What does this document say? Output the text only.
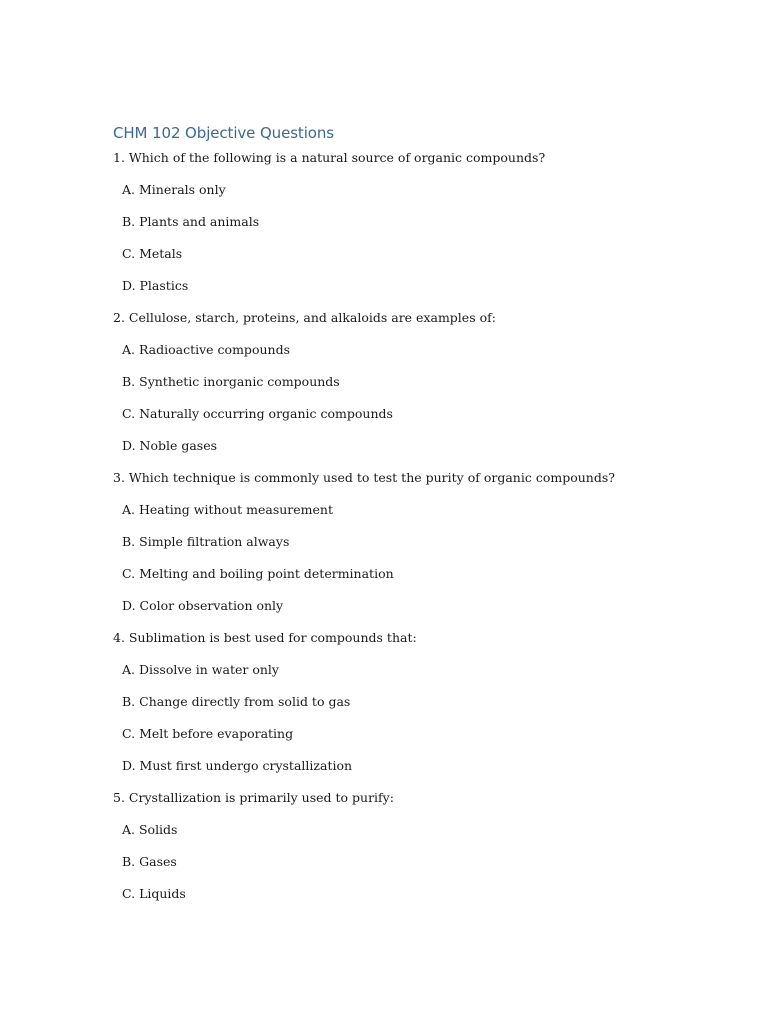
CHM 102 Objective Questions
1. Which of the following is a natural source of organic compounds?
A. Minerals only
B. Plants and animals
C. Metals
D. Plastics
2. Cellulose, starch, proteins, and alkaloids are examples of:
A. Radioactive compounds
B. Synthetic inorganic compounds
C. Naturally occurring organic compounds
D. Noble gases
3. Which technique is commonly used to test the purity of organic compounds?
A. Heating without measurement
B. Simple filtration always
C. Melting and boiling point determination
D. Color observation only
4. Sublimation is best used for compounds that:
A. Dissolve in water only
B. Change directly from solid to gas
C. Melt before evaporating
D. Must first undergo crystallization
5. Crystallization is primarily used to purify:
A. Solids
B. Gases
C. Liquids
